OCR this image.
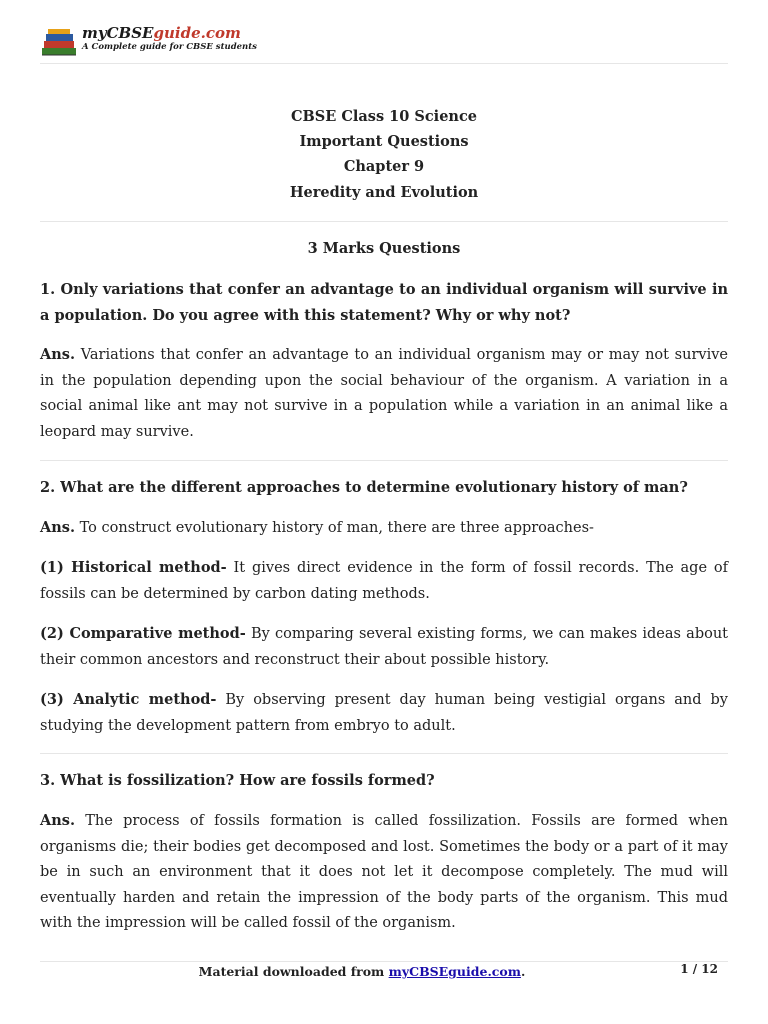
myCBSEguide.com
A Complete guide for CBSE students
CBSE Class 10 Science
Important Questions
Chapter 9
Heredity and Evolution
3 Marks Questions
1. Only variations that confer an advantage to an individual organism will survive in a population. Do you agree with this statement? Why or why not?
Ans. Variations that confer an advantage to an individual organism may or may not survive in the population depending upon the social behaviour of the organism. A variation in a social animal like ant may not survive in a population while a variation in an animal like a leopard may survive.
2. What are the different approaches to determine evolutionary history of man?
Ans. To construct evolutionary history of man, there are three approaches-
(1) Historical method- It gives direct evidence in the form of fossil records. The age of fossils can be determined by carbon dating methods.
(2) Comparative method- By comparing several existing forms, we can makes ideas about their common ancestors and reconstruct their about possible history.
(3) Analytic method- By observing present day human being vestigial organs and by studying the development pattern from embryo to adult.
3. What is fossilization? How are fossils formed?
Ans. The process of fossils formation is called fossilization. Fossils are formed when organisms die; their bodies get decomposed and lost. Sometimes the body or a part of it may be in such an environment that it does not let it decompose completely. The mud will eventually harden and retain the impression of the body parts of the organism. This mud with the impression will be called fossil of the organism.
Material downloaded from myCBSEguide.com.	1 / 12
